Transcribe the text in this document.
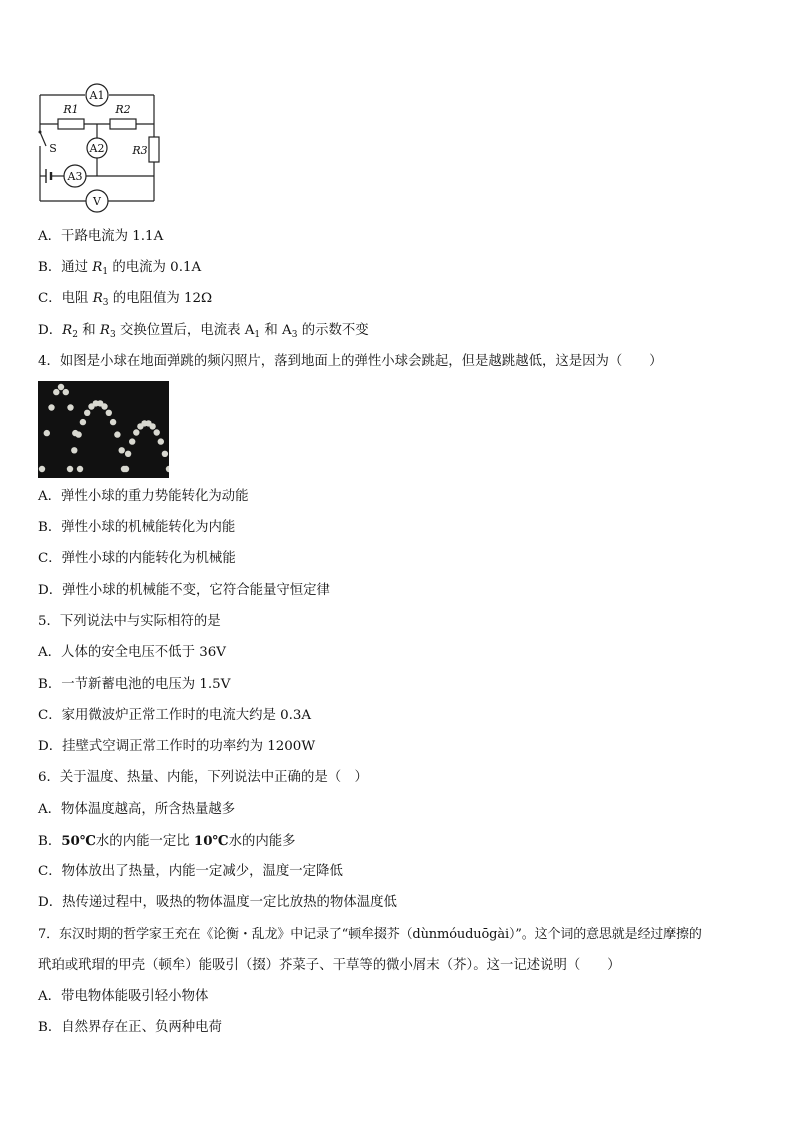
A1
A2
A3
V
R1	R2
R3
S
A．干路电流为 1.1A
B．通过 $R_1$ 的电流为 0.1A
C．电阻 $R_3$ 的电阻值为 12Ω
D．$R_2$ 和 $R_3$ 交换位置后，电流表 $A_1$ 和 $A_3$ 的示数不变
4．如图是小球在地面弹跳的频闪照片，落到地面上的弹性小球会跳起，但是越跳越低，这是因为（　　）
A．弹性小球的重力势能转化为动能
B．弹性小球的机械能转化为内能
C．弹性小球的内能转化为机械能
D．弹性小球的机械能不变，它符合能量守恒定律
5．下列说法中与实际相符的是
A．人体的安全电压不低于 36V
B．一节新蓄电池的电压为 1.5V
C．家用微波炉正常工作时的电流大约是 0.3A
D．挂壁式空调正常工作时的功率约为 1200W
6．关于温度、热量、内能，下列说法中正确的是（　）
A．物体温度越高，所含热量越多
B．50℃水的内能一定比 10℃水的内能多
C．物体放出了热量，内能一定减少，温度一定降低
D．热传递过程中，吸热的物体温度一定比放热的物体温度低
7．东汉时期的哲学家王充在《论衡・乱龙》中记录了“顿牟掇芥（dùnmóuduōgài）”。这个词的意思就是经过摩擦的
玳珀或玳瑁的甲壳（顿牟）能吸引（掇）芥菜子、干草等的微小屑末（芥）。这一记述说明（　　）
A．带电物体能吸引轻小物体
B．自然界存在正、负两种电荷
